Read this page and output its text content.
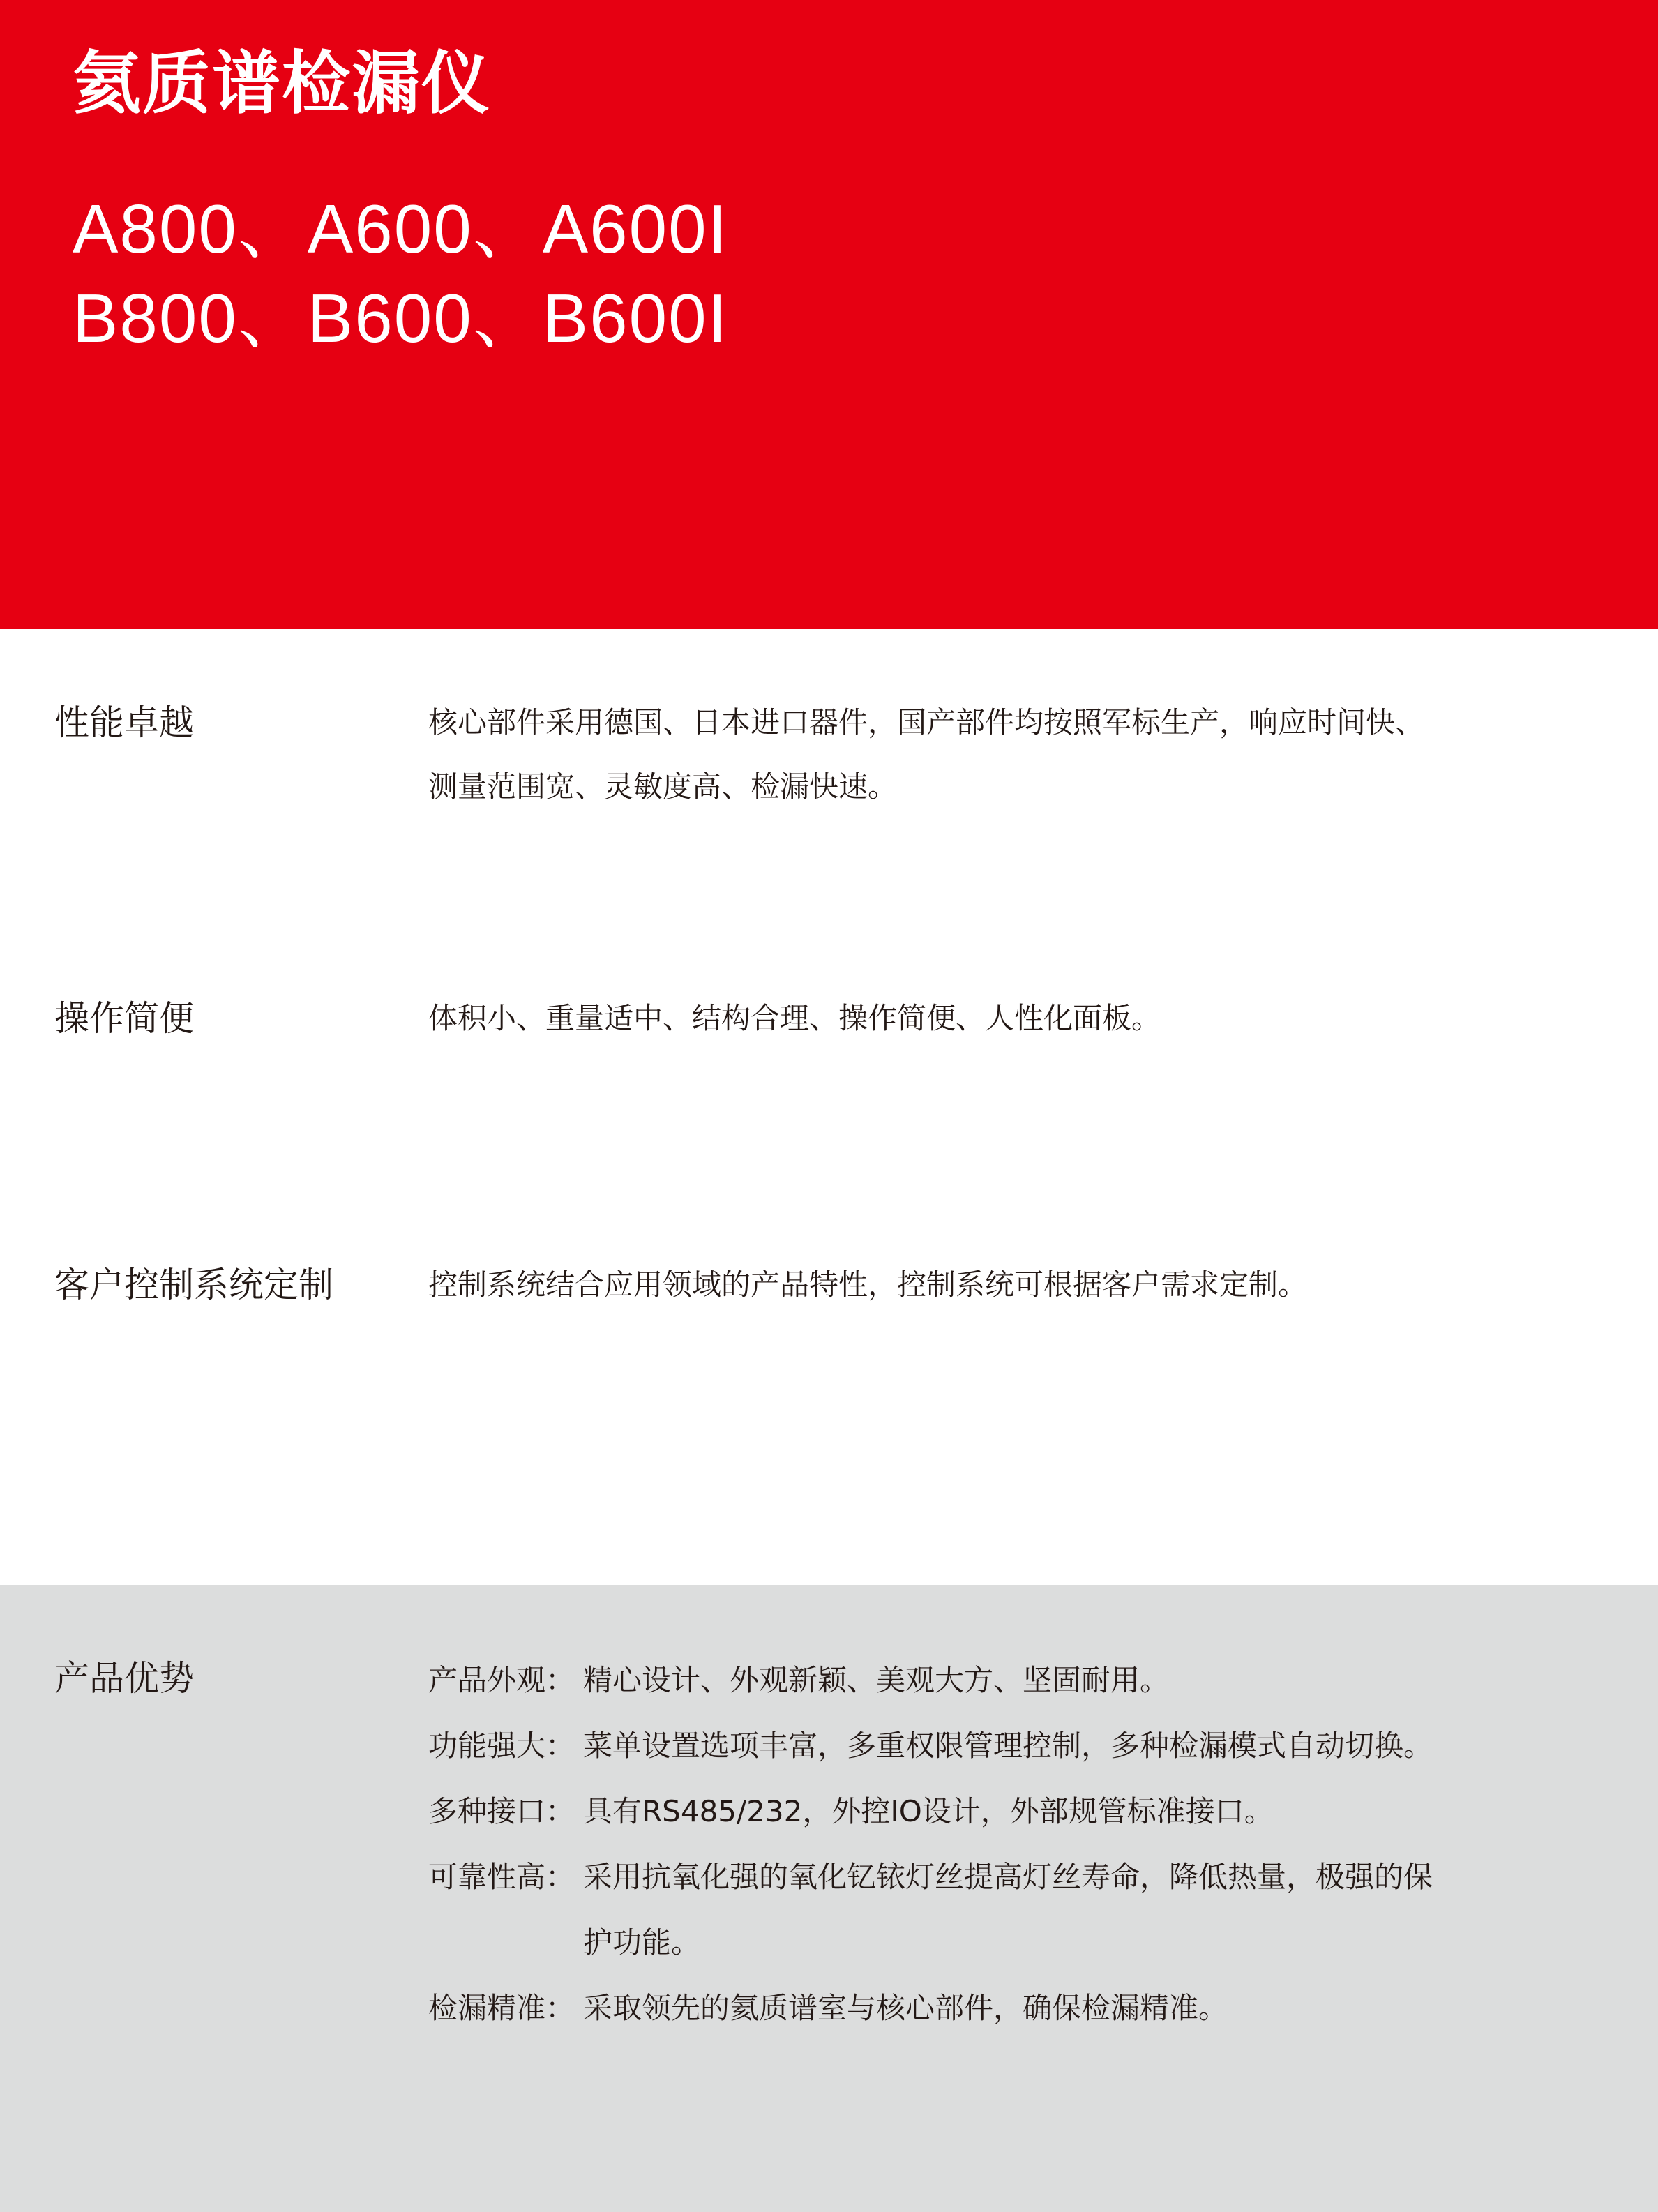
氦质谱检漏仪
A800、A600、A600I
B800、B600、B600I
性能卓越	核心部件采用德国、日本进口器件，国产部件均按照军标生产，响应时间快、
测量范围宽、灵敏度高、检漏快速。
操作简便	体积小、重量适中、结构合理、操作简便、人性化面板。
客户控制系统定制	控制系统结合应用领域的产品特性，控制系统可根据客户需求定制。
产品优势	产品外观： 精心设计、外观新颖、美观大方、坚固耐用。
功能强大： 菜单设置选项丰富，多重权限管理控制，多种检漏模式自动切换。
多种接口： 具有RS485/232，外控IO设计，外部规管标准接口。
可靠性高： 采用抗氧化强的氧化钇铱灯丝提高灯丝寿命，降低热量，极强的保
护功能。
检漏精准： 采取领先的氦质谱室与核心部件，确保检漏精准。
